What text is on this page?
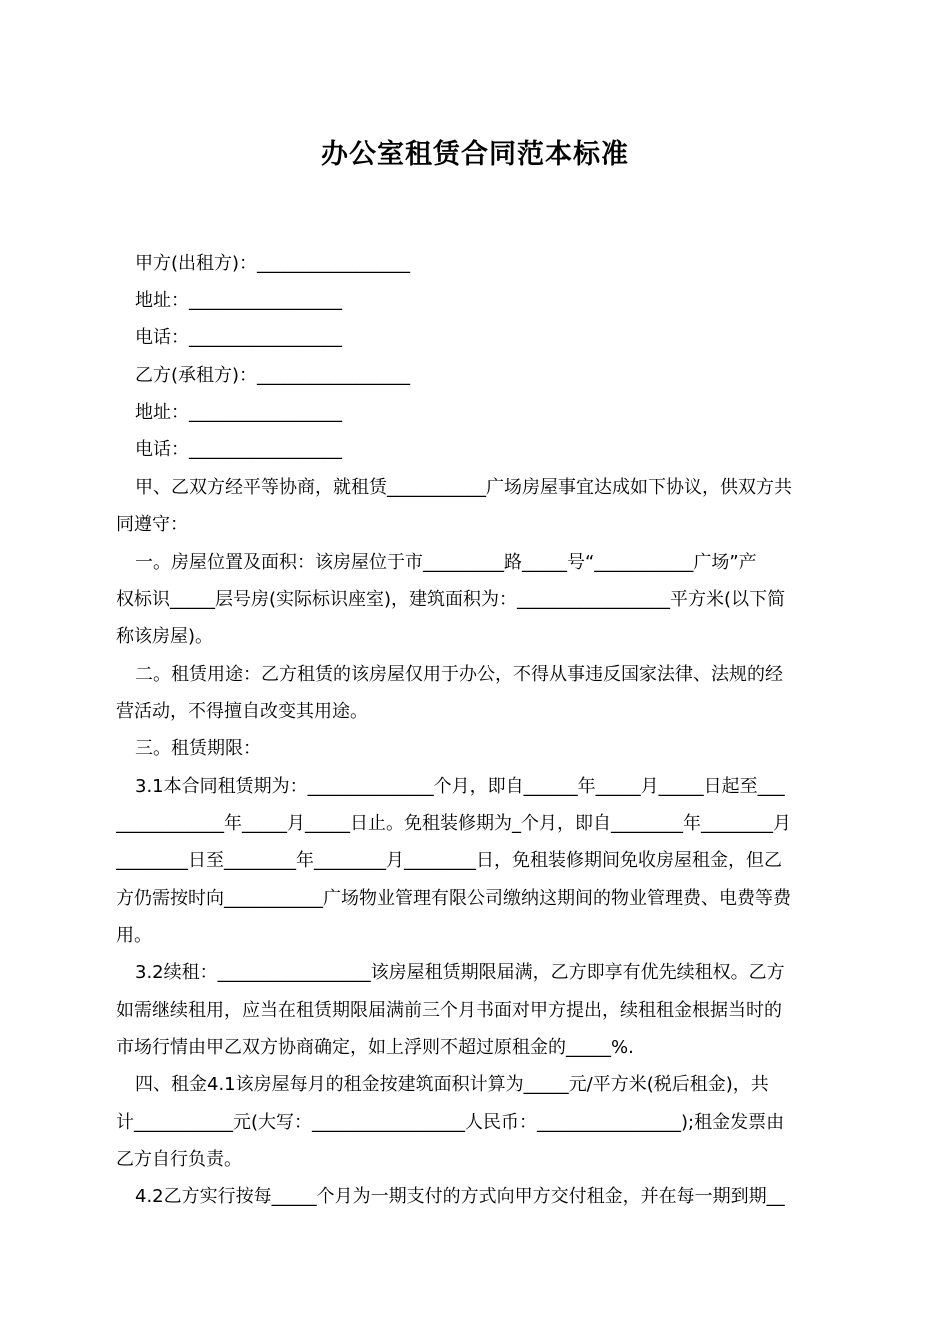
办公室租赁合同范本标准
甲方(出租方)：_________________
地址：_________________
电话：_________________
乙方(承租方)：_________________
地址：_________________
电话：_________________
甲、乙双方经平等协商，就租赁___________广场房屋事宜达成如下协议，供双方共
同遵守：
一。房屋位置及面积：该房屋位于市_________路_____号“___________广场”产
权标识_____层号房(实际标识座室)，建筑面积为：_________________平方米(以下简
称该房屋)。
二。租赁用途：乙方租赁的该房屋仅用于办公，不得从事违反国家法律、法规的经
营活动，不得擅自改变其用途。
三。租赁期限：
3.1本合同租赁期为：______________个月，即自______年_____月_____日起至___
____________年_____月_____日止。免租装修期为_个月，即自________年________月
________日至________年________月________日，免租装修期间免收房屋租金，但乙
方仍需按时向___________广场物业管理有限公司缴纳这期间的物业管理费、电费等费
用。
3.2续租：_________________该房屋租赁期限届满，乙方即享有优先续租权。乙方
如需继续租用，应当在租赁期限届满前三个月书面对甲方提出，续租租金根据当时的
市场行情由甲乙双方协商确定，如上浮则不超过原租金的_____%.
四、租金4.1该房屋每月的租金按建筑面积计算为_____元/平方米(税后租金)，共
计___________元(大写：_________________人民币：________________);租金发票由
乙方自行负责。
4.2乙方实行按每_____个月为一期支付的方式向甲方交付租金，并在每一期到期__
